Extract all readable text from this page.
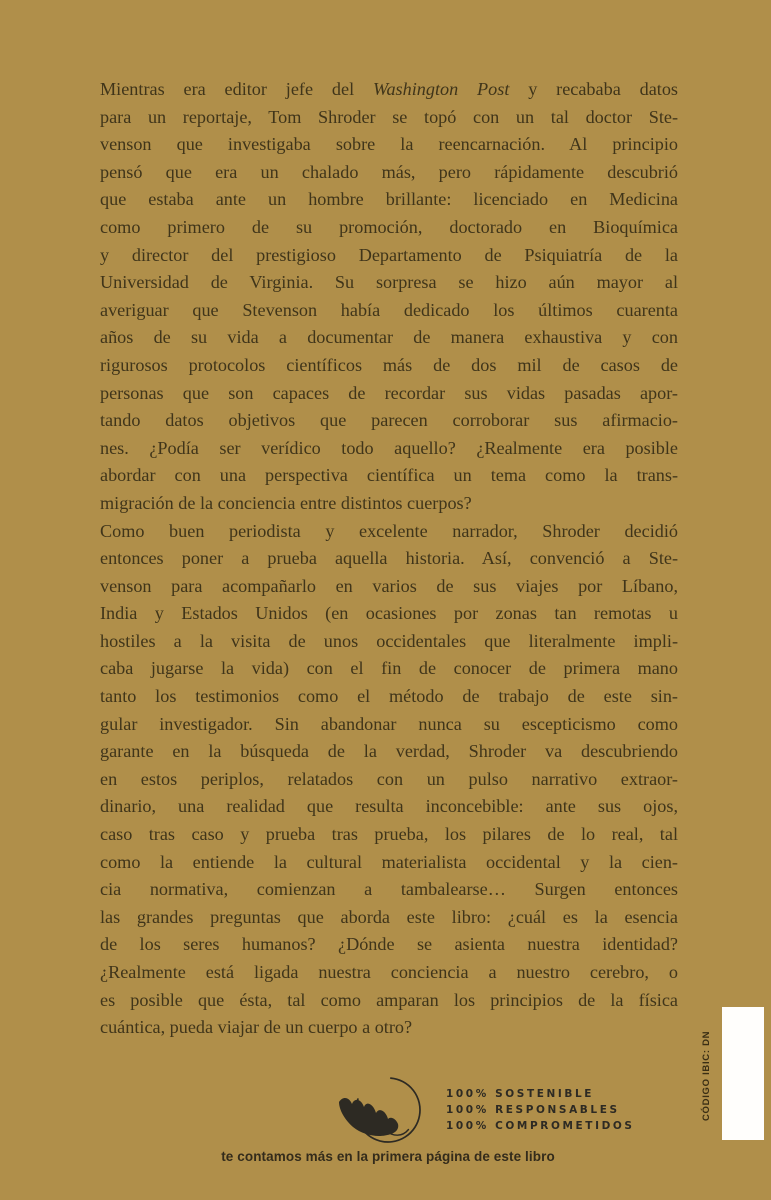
Mientras era editor jefe del Washington Post y recababa datos
para un reportaje, Tom Shroder se topó con un tal doctor Ste-
venson que investigaba sobre la reencarnación. Al principio
pensó que era un chalado más, pero rápidamente descubrió
que estaba ante un hombre brillante: licenciado en Medicina
como primero de su promoción, doctorado en Bioquímica
y director del prestigioso Departamento de Psiquiatría de la
Universidad de Virginia. Su sorpresa se hizo aún mayor al
averiguar que Stevenson había dedicado los últimos cuarenta
años de su vida a documentar de manera exhaustiva y con
rigurosos protocolos científicos más de dos mil de casos de
personas que son capaces de recordar sus vidas pasadas apor-
tando datos objetivos que parecen corroborar sus afirmacio-
nes. ¿Podía ser verídico todo aquello? ¿Realmente era posible
abordar con una perspectiva científica un tema como la trans-
migración de la conciencia entre distintos cuerpos?
Como buen periodista y excelente narrador, Shroder decidió
entonces poner a prueba aquella historia. Así, convenció a Ste-
venson para acompañarlo en varios de sus viajes por Líbano,
India y Estados Unidos (en ocasiones por zonas tan remotas u
hostiles a la visita de unos occidentales que literalmente impli-
caba jugarse la vida) con el fin de conocer de primera mano
tanto los testimonios como el método de trabajo de este sin-
gular investigador. Sin abandonar nunca su escepticismo como
garante en la búsqueda de la verdad, Shroder va descubriendo
en estos periplos, relatados con un pulso narrativo extraor-
dinario, una realidad que resulta inconcebible: ante sus ojos,
caso tras caso y prueba tras prueba, los pilares de lo real, tal
como la entiende la cultural materialista occidental y la cien-
cia normativa, comienzan a tambalearse… Surgen entonces
las grandes preguntas que aborda este libro: ¿cuál es la esencia
de los seres humanos? ¿Dónde se asienta nuestra identidad?
¿Realmente está ligada nuestra conciencia a nuestro cerebro, o
es posible que ésta, tal como amparan los principios de la física
cuántica, pueda viajar de un cuerpo a otro?
100% SOSTENIBLE
100% RESPONSABLES
100% COMPROMETIDOS
te contamos más en la primera página de este libro
CÓDIGO IBIC: DN
